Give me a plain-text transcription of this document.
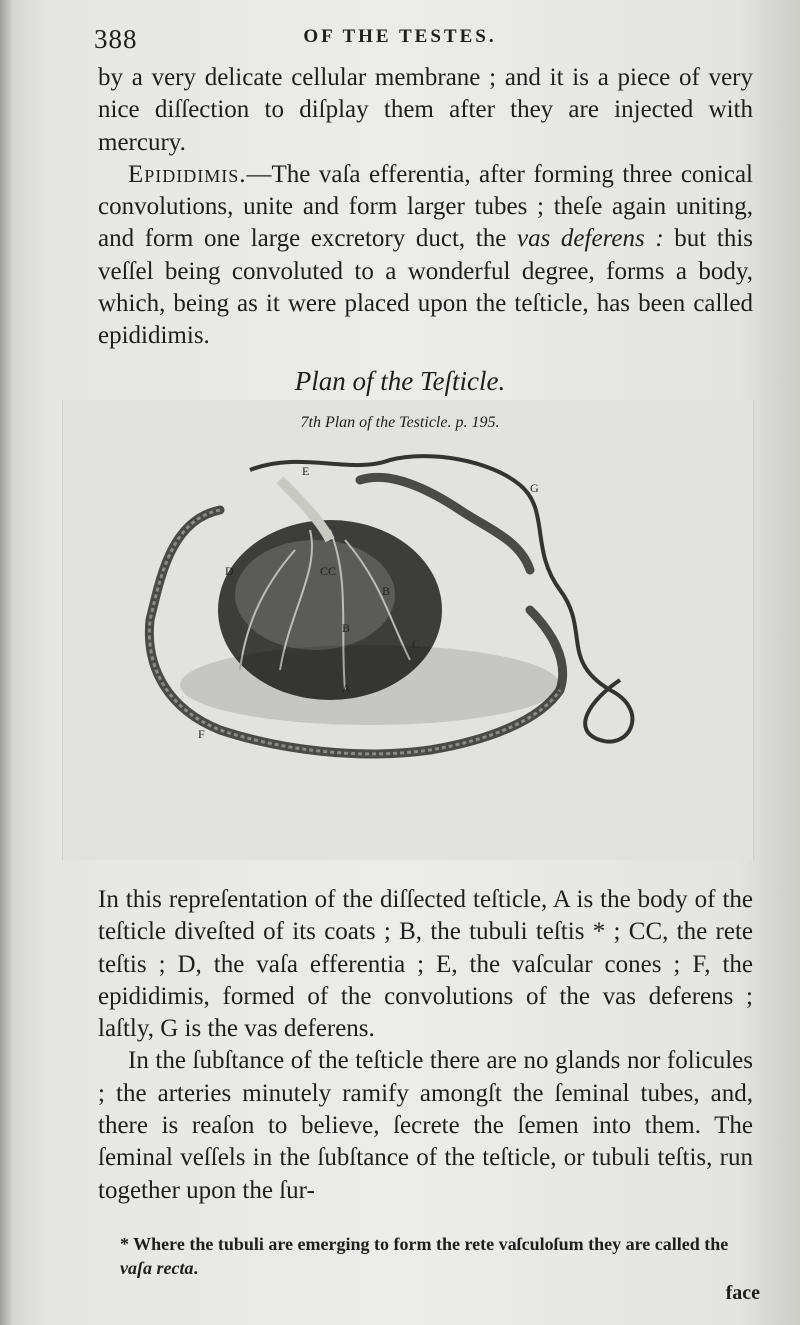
388	OF THE TESTES.

by a very delicate cellular membrane ; and it is a piece of very nice diſſection to diſplay them after they are injected with mercury.

Epididimis.—The vaſa efferentia, after forming three conical convolutions, unite and form larger tubes ; theſe again uniting, and form one large excretory duct, the vas deferens : but this veſſel being convoluted to a wonderful degree, forms a body, which, being as it were placed upon the teſticle, has been called epididimis.

Plan of the Teſticle.
7th Plan of the Testicle. p. 195.
E
G
D	CC
B
B
C
A
F

In this repreſentation of the diſſected teſticle, A is the body of the teſticle diveſted of its coats ; B, the tubuli teſtis * ; CC, the rete teſtis ; D, the vaſa efferentia ; E, the vaſcular cones ; F, the epididimis, formed of the convolutions of the vas deferens ; laſtly, G is the vas deferens.

In the ſubſtance of the teſticle there are no glands nor folicules ; the arteries minutely ramify amongſt the ſeminal tubes, and, there is reaſon to believe, ſecrete the ſemen into them. The ſeminal veſſels in the ſubſtance of the teſticle, or tubuli teſtis, run together upon the ſur-

* Where the tubuli are emerging to form the rete vaſculoſum they are called the vaſa recta.
face
